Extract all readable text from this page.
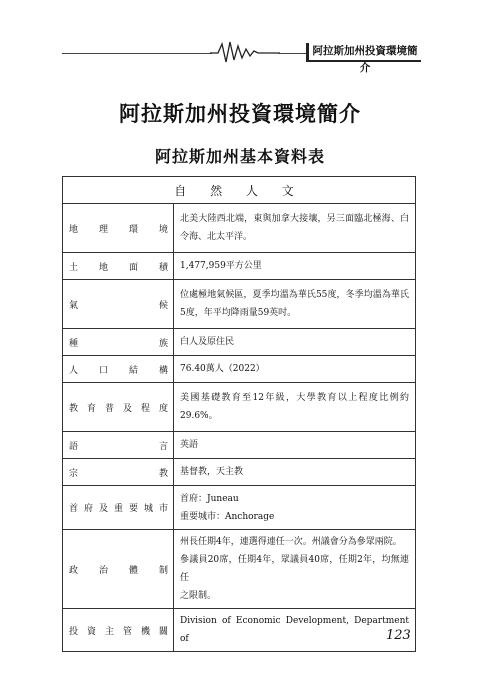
阿拉斯加州投資環境簡介
阿拉斯加州投資環境簡介
阿拉斯加州基本資料表
自 然 人 文	
地理環境	北美大陸西北端，東與加拿大接壤，另三面臨北極海、白
令海、北太平洋。

土地面積	1,477,959平方公里

氣候	位處極地氣候區，夏季均溫為華氏55度，冬季均溫為華氏
5度，年平均降雨量59英吋。

種族	白人及原住民

人口結構	76.40萬人（2022）

教育普及程度	美國基礎教育至12年級，大學教育以上程度比例約
29.6%。

語言	英語

宗教	基督教，天主教

首府及重要城市	首府：Juneau
重要城市：Anchorage

政治體制	州長任期4年，連選得連任一次。州議會分為參眾兩院。
參議員20席，任期4年，眾議員40席，任期2年，均無連任
之限制。

投資主管機關	Division of Economic Development, Department of	123
